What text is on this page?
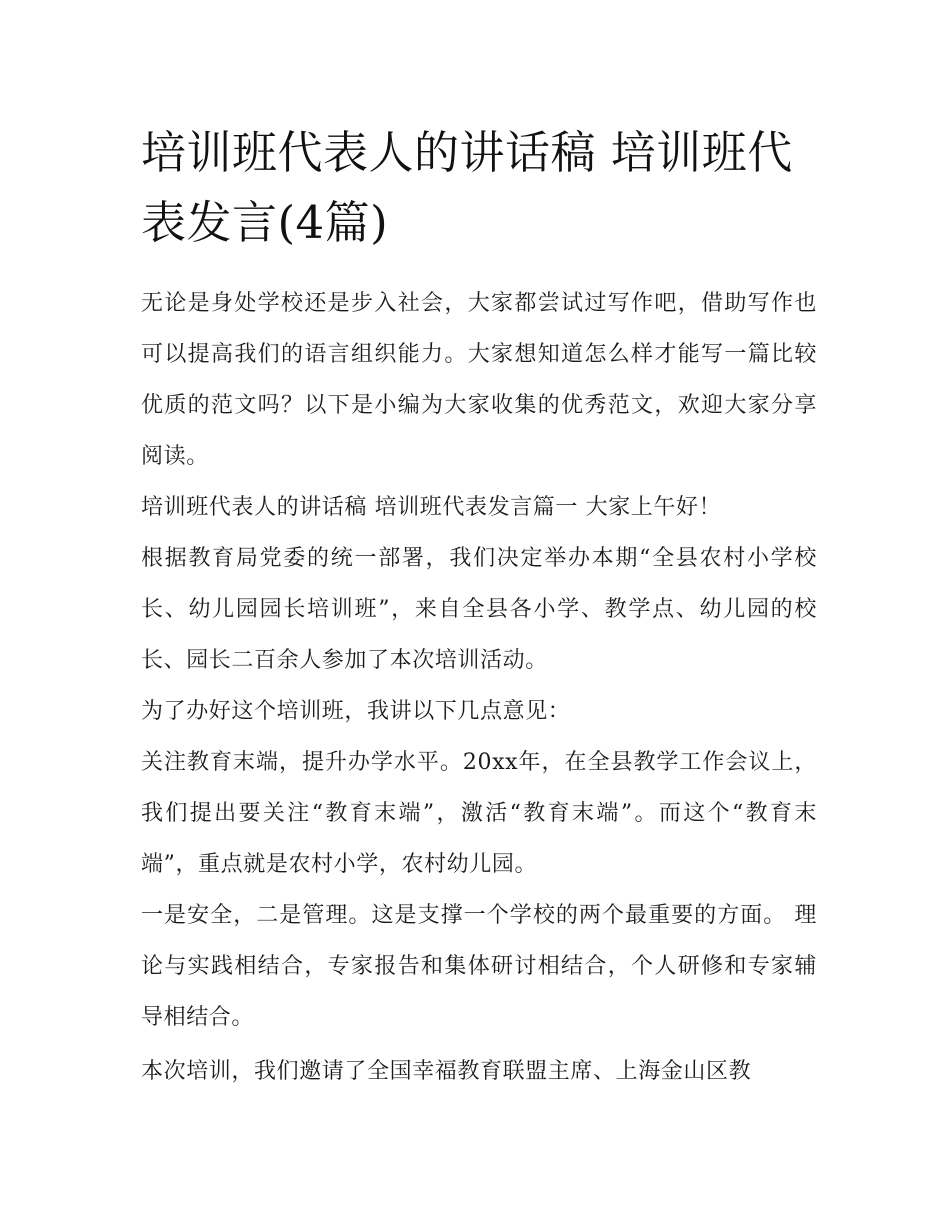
培训班代表人的讲话稿 培训班代表发言(4篇)

无论是身处学校还是步入社会，大家都尝试过写作吧，借助写作也可以提高我们的语言组织能力。大家想知道怎么样才能写一篇比较优质的范文吗？以下是小编为大家收集的优秀范文，欢迎大家分享阅读。

培训班代表人的讲话稿 培训班代表发言篇一 大家上午好！

根据教育局党委的统一部署，我们决定举办本期“全县农村小学校长、幼儿园园长培训班”，来自全县各小学、教学点、幼儿园的校长、园长二百余人参加了本次培训活动。

为了办好这个培训班，我讲以下几点意见：

关注教育末端，提升办学水平。20xx年，在全县教学工作会议上，我们提出要关注“教育末端”，激活“教育末端”。而这个“教育末端”，重点就是农村小学，农村幼儿园。

一是安全，二是管理。这是支撑一个学校的两个最重要的方面。 理论与实践相结合，专家报告和集体研讨相结合，个人研修和专家辅导相结合。

本次培训，我们邀请了全国幸福教育联盟主席、上海金山区教
